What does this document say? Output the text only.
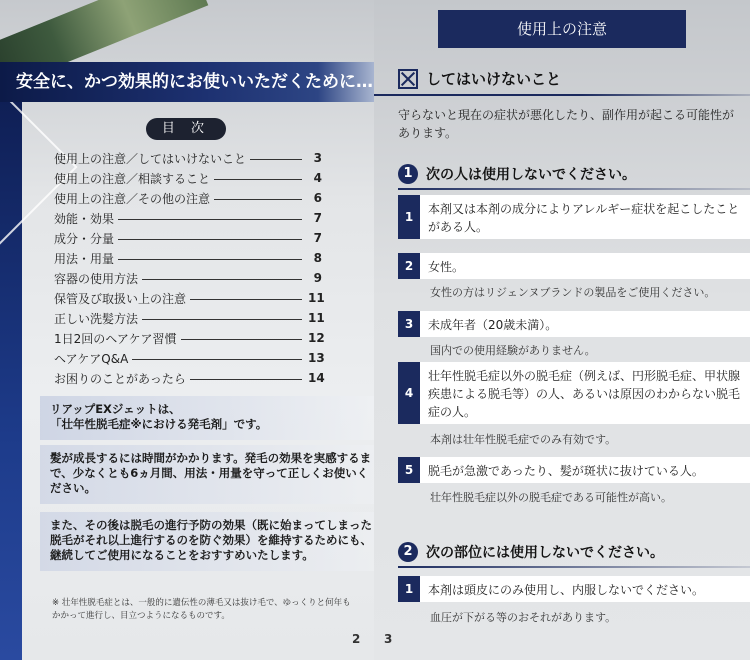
安全に、かつ効果的にお使いいただくために…
目 次
使用上の注意／してはいけないこと	3
使用上の注意／相談すること	4
使用上の注意／その他の注意	6
効能・効果	7
成分・分量	7
用法・用量	8
容器の使用方法	9
保管及び取扱い上の注意	11
正しい洗髪方法	11
1日2回のヘアケア習慣	12
ヘアケアQ&A	13
お困りのことがあったら	14
リアップEXジェットは、
「壮年性脱毛症※における発毛剤」です。
髪が成長するには時間がかかります。発毛の効果を実感するまで、少なくとも6ヵ月間、用法・用量を守って正しくお使いください。
また、その後は脱毛の進行予防の効果（既に始まってしまった脱毛がそれ以上進行するのを防ぐ効果）を維持するためにも、継続してご使用になることをおすすめいたします。
※ 壮年性脱毛症とは、一般的に遺伝性の薄毛又は抜け毛で、ゆっくりと何年もかかって進行し、目立つようになるものです。
2
使用上の注意
してはいけないこと
守らないと現在の症状が悪化したり、副作用が起こる可能性があります。
1 次の人は使用しないでください。
1
本剤又は本剤の成分によりアレルギー症状を起こしたことがある人。
2	女性。
女性の方はリジェンヌブランドの製品をご使用ください。
3	未成年者（20歳未満）。
国内での使用経験がありません。
4
壮年性脱毛症以外の脱毛症（例えば、円形脱毛症、甲状腺疾患による脱毛等）の人、あるいは原因のわからない脱毛症の人。
本剤は壮年性脱毛症でのみ有効です。
5	脱毛が急激であったり、髪が斑状に抜けている人。
壮年性脱毛症以外の脱毛症である可能性が高い。
2 次の部位には使用しないでください。
1	本剤は頭皮にのみ使用し、内服しないでください。
血圧が下がる等のおそれがあります。
3
